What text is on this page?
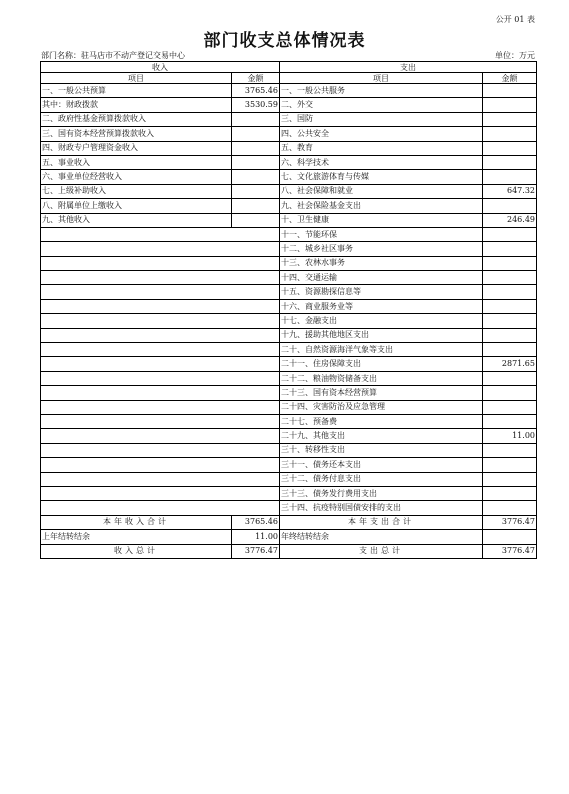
公开 01 表
部门收支总体情况表
部门名称：驻马店市不动产登记交易中心	单位：万元
收入		支出	
项目	金额	项目	金额
一、一般公共预算	3765.46	一、一般公共服务	
其中：财政拨款	3530.59	二、外交	
二、政府性基金预算拨款收入		三、国防	
三、国有资本经营预算拨款收入		四、公共安全	
四、财政专户管理资金收入		五、教育	
五、事业收入		六、科学技术	
六、事业单位经营收入		七、文化旅游体育与传媒	
七、上级补助收入		八、社会保障和就业	647.32
八、附属单位上缴收入		九、社会保险基金支出	
九、其他收入		十、卫生健康	246.49
		十一、节能环保	
		十二、城乡社区事务	
		十三、农林水事务	
		十四、交通运输	
		十五、资源勘探信息等	
		十六、商业服务业等	
		十七、金融支出	
		十九、援助其他地区支出	
		二十、自然资源海洋气象等支出	
		二十一、住房保障支出	2871.65
		二十二、粮油物资储备支出	
		二十三、国有资本经营预算	
		二十四、灾害防治及应急管理	
		二十七、预备费	
		二十九、其他支出	11.00
		三十、转移性支出	
		三十一、债务还本支出	
		三十二、债务付息支出	
		三十三、债务发行费用支出	
		三十四、抗疫特别国债安排的支出	
本年收入合计	3765.46	本年支出合计	3776.47
上年结转结余	11.00	年终结转结余	
收入总计	3776.47	支出总计	3776.47
